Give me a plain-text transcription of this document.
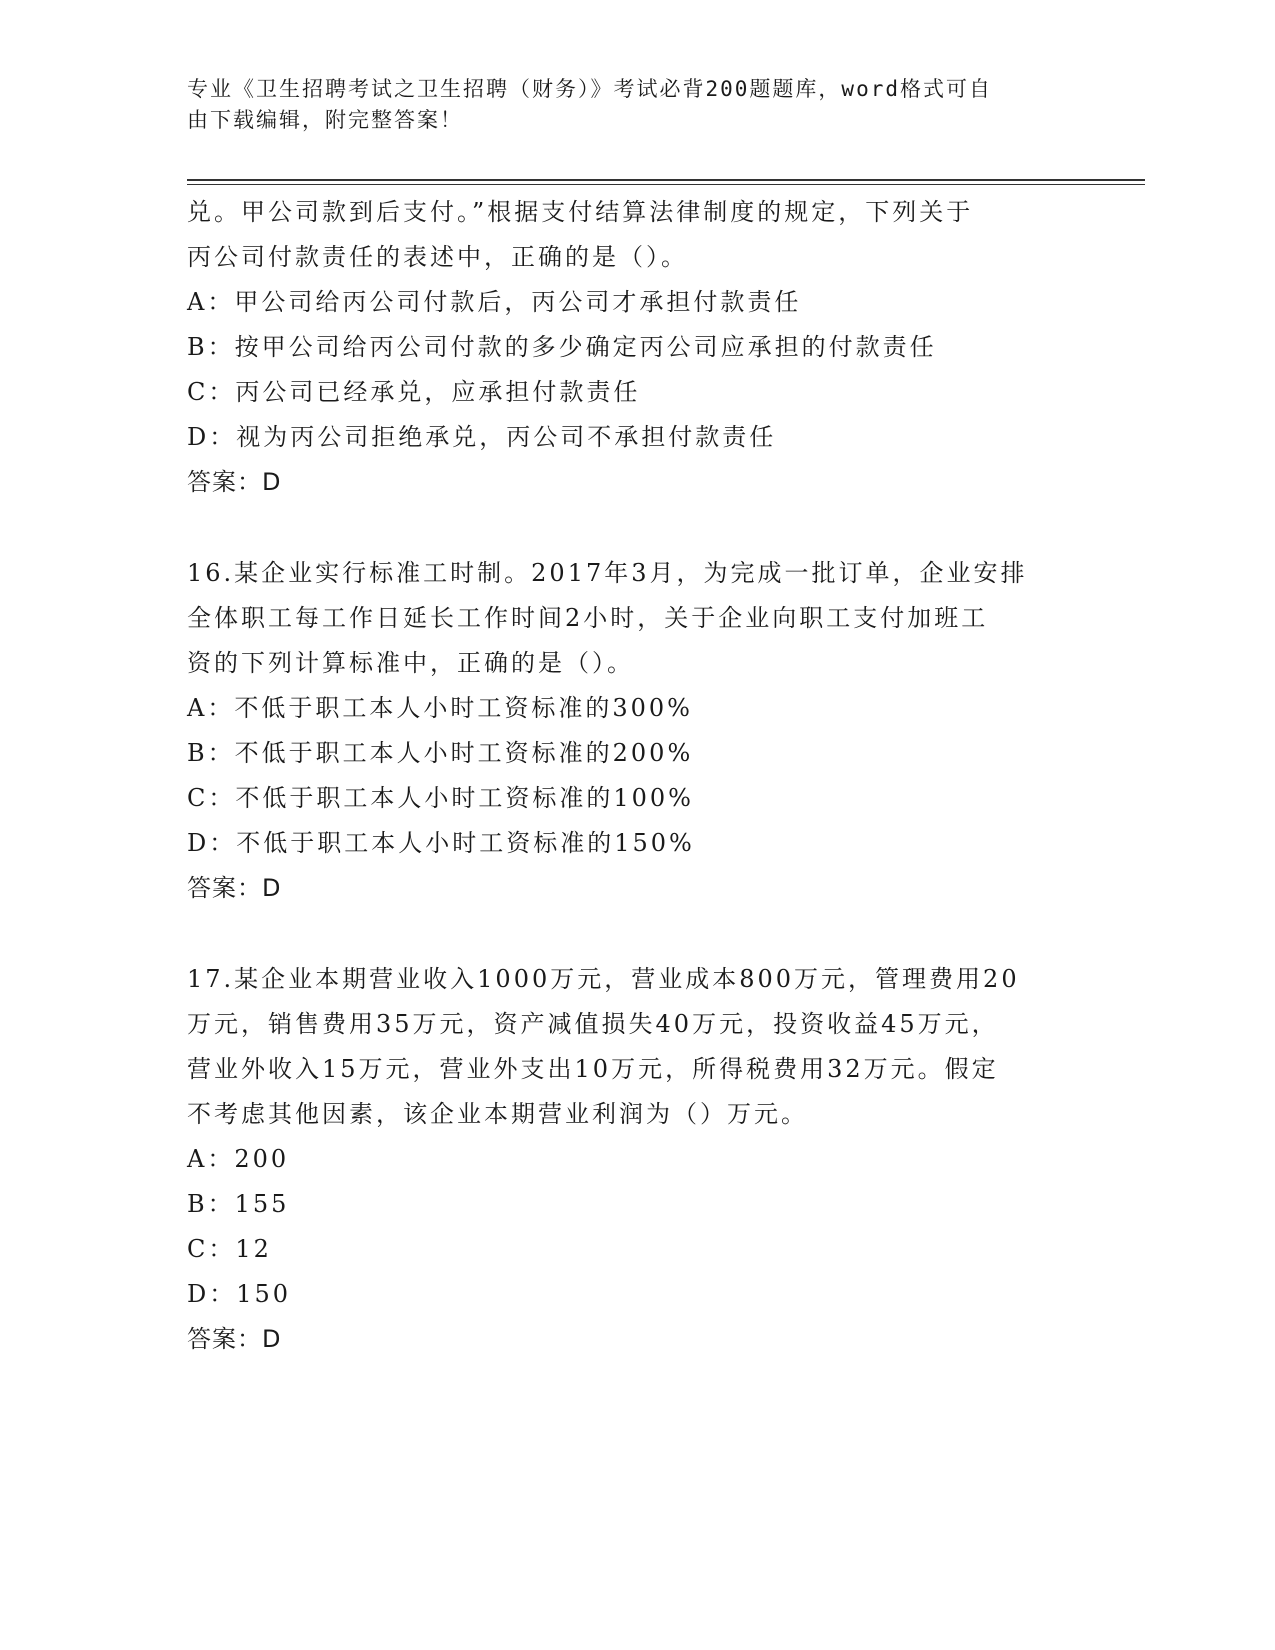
专业《卫生招聘考试之卫生招聘（财务）》考试必背200题题库，word格式可自
由下载编辑，附完整答案！
兑。甲公司款到后支付。”根据支付结算法律制度的规定，下列关于
丙公司付款责任的表述中，正确的是（）。
A：甲公司给丙公司付款后，丙公司才承担付款责任
B：按甲公司给丙公司付款的多少确定丙公司应承担的付款责任
C：丙公司已经承兑，应承担付款责任
D：视为丙公司拒绝承兑，丙公司不承担付款责任
答案：D
16.某企业实行标准工时制。2017年3月，为完成一批订单，企业安排
全体职工每工作日延长工作时间2小时，关于企业向职工支付加班工
资的下列计算标准中，正确的是（）。
A：不低于职工本人小时工资标准的300%
B：不低于职工本人小时工资标准的200%
C：不低于职工本人小时工资标准的100%
D：不低于职工本人小时工资标准的150%
答案：D
17.某企业本期营业收入1000万元，营业成本800万元，管理费用20
万元，销售费用35万元，资产减值损失40万元，投资收益45万元，
营业外收入15万元，营业外支出10万元，所得税费用32万元。假定
不考虑其他因素，该企业本期营业利润为（）万元。
A：200
B：155
C：12
D：150
答案：D
